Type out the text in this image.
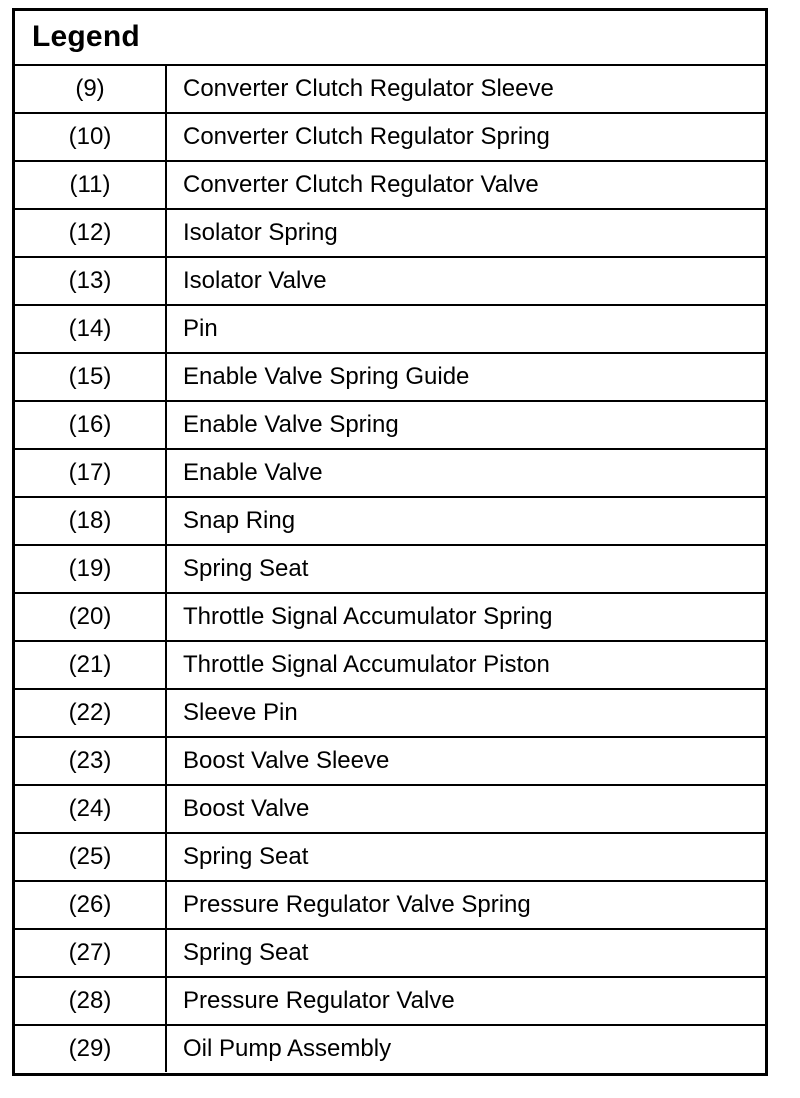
Legend
(9)	Converter Clutch Regulator Sleeve
(10)	Converter Clutch Regulator Spring
(11)	Converter Clutch Regulator Valve
(12)	Isolator Spring
(13)	Isolator Valve
(14)	Pin
(15)	Enable Valve Spring Guide
(16)	Enable Valve Spring
(17)	Enable Valve
(18)	Snap Ring
(19)	Spring Seat
(20)	Throttle Signal Accumulator Spring
(21)	Throttle Signal Accumulator Piston
(22)	Sleeve Pin
(23)	Boost Valve Sleeve
(24)	Boost Valve
(25)	Spring Seat
(26)	Pressure Regulator Valve Spring
(27)	Spring Seat
(28)	Pressure Regulator Valve
(29)	Oil Pump Assembly
